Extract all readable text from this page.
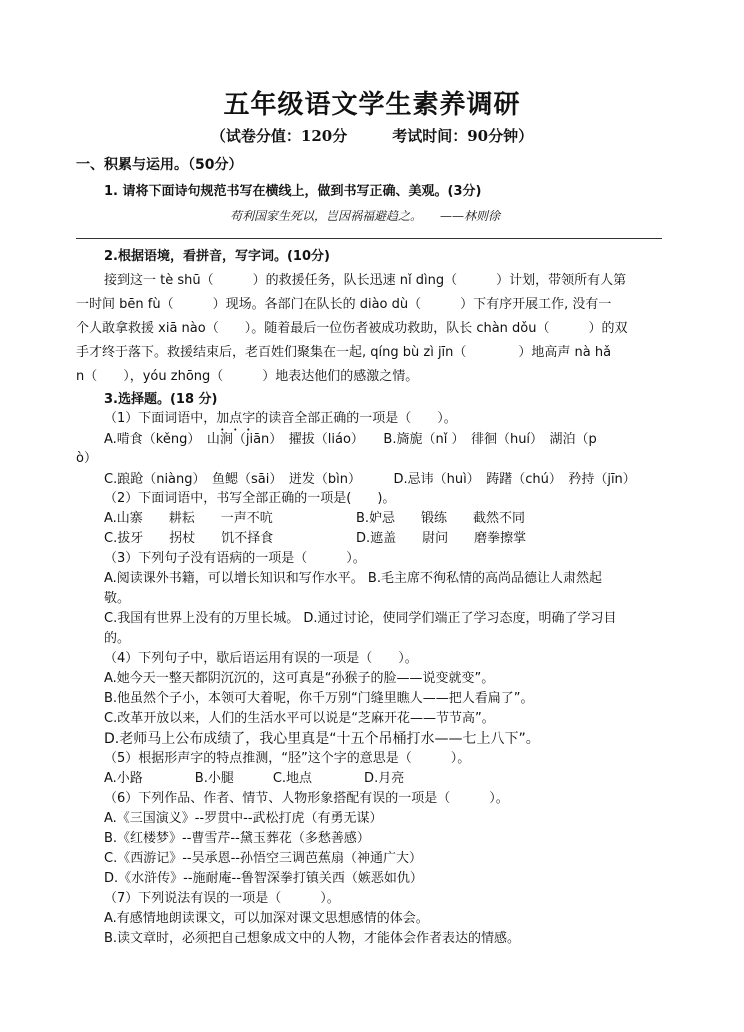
五年级语文学生素养调研
（试卷分值：120分　　　考试时间：90分钟）
一、积累与运用。（50分）
1. 请将下面诗句规范书写在横线上，做到书写正确、美观。(3分)
苟利国家生死以，岂因祸福避趋之。　　——林则徐
2.根据语境，看拼音，写字词。(10分)
接到这一 tè shū（　　　）的救援任务，队长迅速 nǐ dìng（　　　）计划，带领所有人第
一时间 bēn fù（　　　）现场。各部门在队长的 diào dù（　　　）下有序开展工作, 没有一
个人敢拿救援 xiā nào（　　）。随着最后一位伤者被成功救助，队长 chàn dǒu（　　　）的双
手才终于落下。救援结束后，老百姓们聚集在一起, qíng bù zì jīn（　　　　）地高声 nà hǎ
n（　　），yóu zhōng（　　　）地表达他们的感激之情。
3.选择题。(18 分)
（1）下面词语中，加点字的读音全部正确的一项是（　　）。
A.啃食（kěng）　山涧（jiān）　擢拔（liáo）　　B.旖旎（nǐ ）　徘徊（huí）　湖泊（p
ò）
C.踉跄（niàng）　鱼鳃（sāi）　迸发（bìn）　　　D.忌讳（huì）　踌躇（chú）　矜持（jīn）
（2）下面词语中，书写全部正确的一项是(　　)。
A.山寨　　耕耘　　一声不吭	B.妒忌　　锻练　　截然不同
C.拔牙　　拐杖　　饥不择食	D.遮盖　　尉问　　磨拳擦掌
（3）下列句子没有语病的一项是（　　　）。
A.阅读课外书籍，可以增长知识和写作水平。 B.毛主席不徇私情的高尚品德让人肃然起
敬。
C.我国有世界上没有的万里长城。 D.通过讨论，使同学们端正了学习态度，明确了学习目
的。
（4）下列句子中，歇后语运用有误的一项是（　　）。
A.她今天一整天都阴沉沉的，这可真是“孙猴子的脸——说变就变”。
B.他虽然个子小，本领可大着呢，你千万别“门缝里瞧人——把人看扁了”。
C.改革开放以来，人们的生活水平可以说是“芝麻开花——节节高”。
D.老师马上公布成绩了，我心里真是“十五个吊桶打水——七上八下”。
（5）根据形声字的特点推测，“胫”这个字的意思是（　　　）。
A.小路　　　　B.小腿　　　C.地点　　　　D.月亮
（6）下列作品、作者、情节、人物形象搭配有误的一项是（　　　）。
A.《三国演义》--罗贯中--武松打虎（有勇无谋）
B.《红楼梦》--曹雪芹--黛玉葬花（多愁善感）
C.《西游记》--吴承恩--孙悟空三调芭蕉扇（神通广大）
D.《水浒传》--施耐庵--鲁智深拳打镇关西（嫉恶如仇）
（7）下列说法有误的一项是（　　　）。
A.有感情地朗读课文，可以加深对课文思想感情的体会。
B.读文章时，必须把自己想象成文中的人物，才能体会作者表达的情感。
